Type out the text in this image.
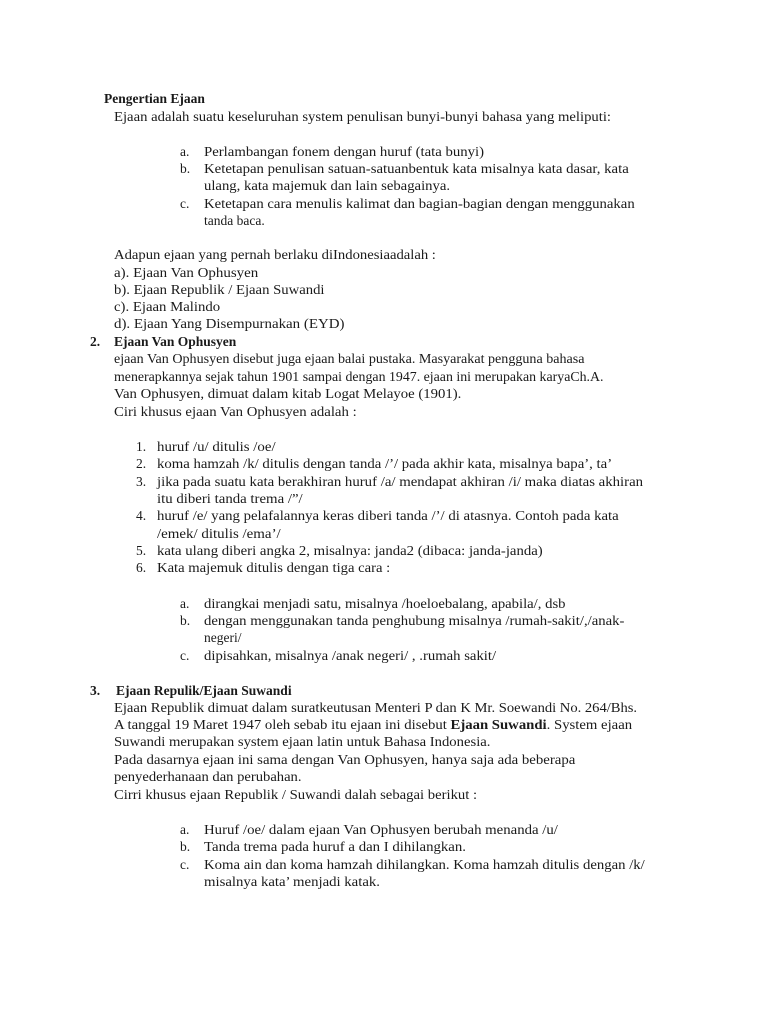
Pengertian Ejaan
Ejaan adalah suatu keseluruhan system penulisan bunyi-bunyi bahasa yang meliputi:
a. Perlambangan fonem dengan huruf (tata bunyi)
b. Ketetapan penulisan satuan-satuanbentuk kata misalnya kata dasar, kata
ulang, kata majemuk dan lain sebagainya.
c. Ketetapan cara menulis kalimat dan bagian-bagian dengan menggunakan
tanda baca.
Adapun ejaan yang pernah berlaku diIndonesiaadalah :
a). Ejaan Van Ophusyen
b). Ejaan Republik / Ejaan Suwandi
c). Ejaan Malindo
d). Ejaan Yang Disempurnakan (EYD)
2. Ejaan Van Ophusyen
ejaan Van Ophusyen disebut juga ejaan balai pustaka. Masyarakat pengguna bahasa
menerapkannya sejak tahun 1901 sampai dengan 1947. ejaan ini merupakan karyaCh.A.
Van Ophusyen, dimuat dalam kitab Logat Melayoe (1901).
Ciri khusus ejaan Van Ophusyen adalah :
1. huruf /u/ ditulis /oe/
2. koma hamzah /k/ ditulis dengan tanda /’/ pada akhir kata, misalnya bapa’, ta’
3. jika pada suatu kata berakhiran huruf /a/ mendapat akhiran /i/ maka diatas akhiran
itu diberi tanda trema /”/
4. huruf /e/ yang pelafalannya keras diberi tanda /’/ di atasnya. Contoh pada kata
/emek/ ditulis /ema’/
5. kata ulang diberi angka 2, misalnya: janda2 (dibaca: janda-janda)
6. Kata majemuk ditulis dengan tiga cara :
a. dirangkai menjadi satu, misalnya /hoeloebalang, apabila/, dsb
b. dengan menggunakan tanda penghubung misalnya /rumah-sakit/,/anak-
negeri/
c. dipisahkan, misalnya /anak negeri/ , .rumah sakit/
3. Ejaan Repulik/Ejaan Suwandi
Ejaan Republik dimuat dalam suratkeutusan Menteri P dan K Mr. Soewandi No. 264/Bhs.
A tanggal 19 Maret 1947 oleh sebab itu ejaan ini disebut Ejaan Suwandi. System ejaan
Suwandi merupakan system ejaan latin untuk Bahasa Indonesia.
Pada dasarnya ejaan ini sama dengan Van Ophusyen, hanya saja ada beberapa
penyederhanaan dan perubahan.
Cirri khusus ejaan Republik / Suwandi dalah sebagai berikut :
a. Huruf /oe/ dalam ejaan Van Ophusyen berubah menanda /u/
b. Tanda trema pada huruf a dan I dihilangkan.
c. Koma ain dan koma hamzah dihilangkan. Koma hamzah ditulis dengan /k/
misalnya kata’ menjadi katak.
